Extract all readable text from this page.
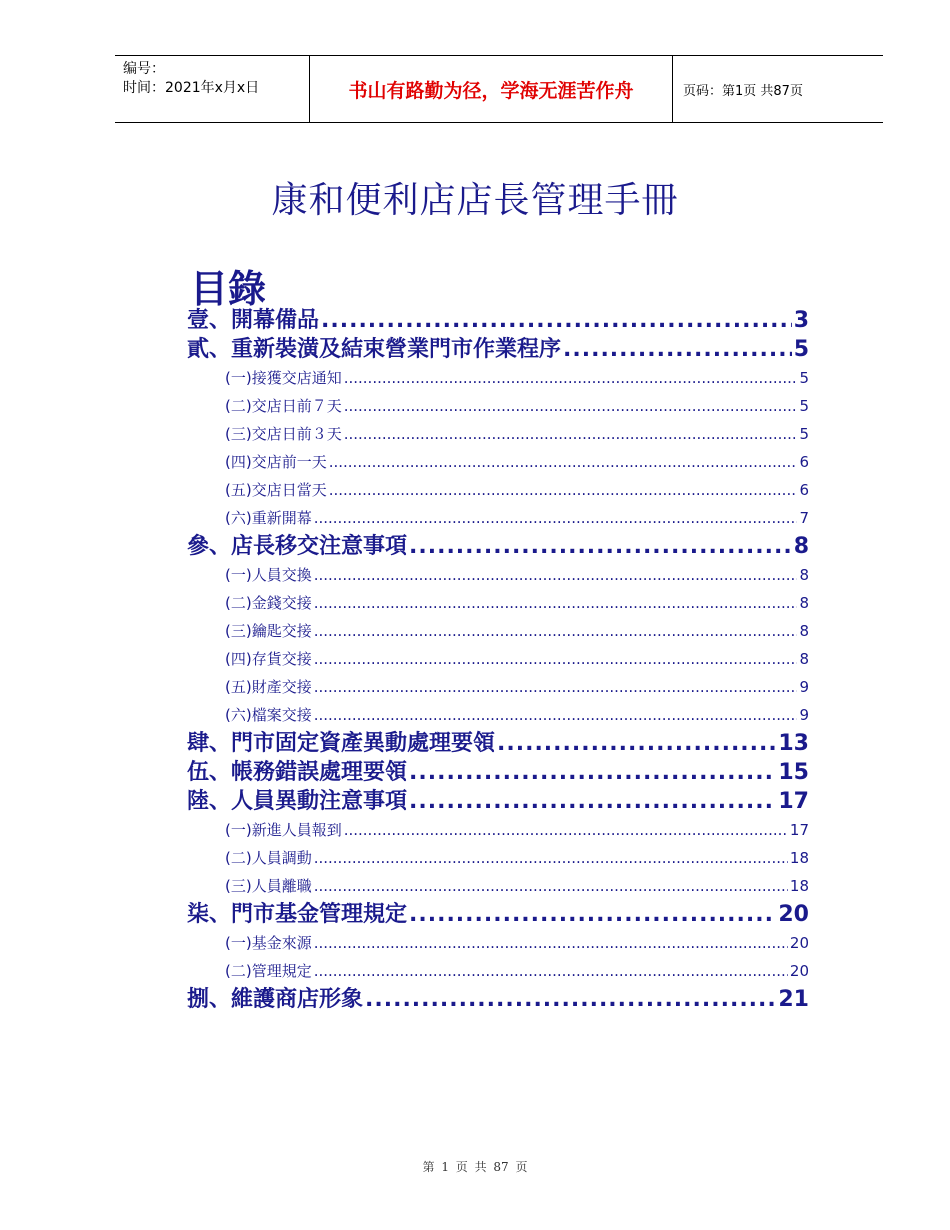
编号：
时间：2021年x月x日	书山有路勤为径，学海无涯苦作舟	页码：第1页 共87页
康和便利店店長管理手冊
目錄
壹、開幕備品 .....	3
貳、重新裝潢及結束營業門市作業程序 .....	5
(一)接獲交店通知 .....	5
(二)交店日前７天 .....	5
(三)交店日前３天 .....	5
(四)交店前一天 .....	6
(五)交店日當天 .....	6
(六)重新開幕 .....	7
參、店長移交注意事項 .....	8
(一)人員交換 .....	8
(二)金錢交接 .....	8
(三)鑰匙交接 .....	8
(四)存貨交接 .....	8
(五)財產交接 .....	9
(六)檔案交接 .....	9
肆、門市固定資產異動處理要領 .....	13
伍、帳務錯誤處理要領 .....	15
陸、人員異動注意事項 .....	17
(一)新進人員報到 .....	17
(二)人員調動 .....	18
(三)人員離職 .....	18
柒、門市基金管理規定 .....	20
(一)基金來源 .....	20
(二)管理規定 .....	20
捌、維護商店形象 .....	21
第 1 页 共 87 页
